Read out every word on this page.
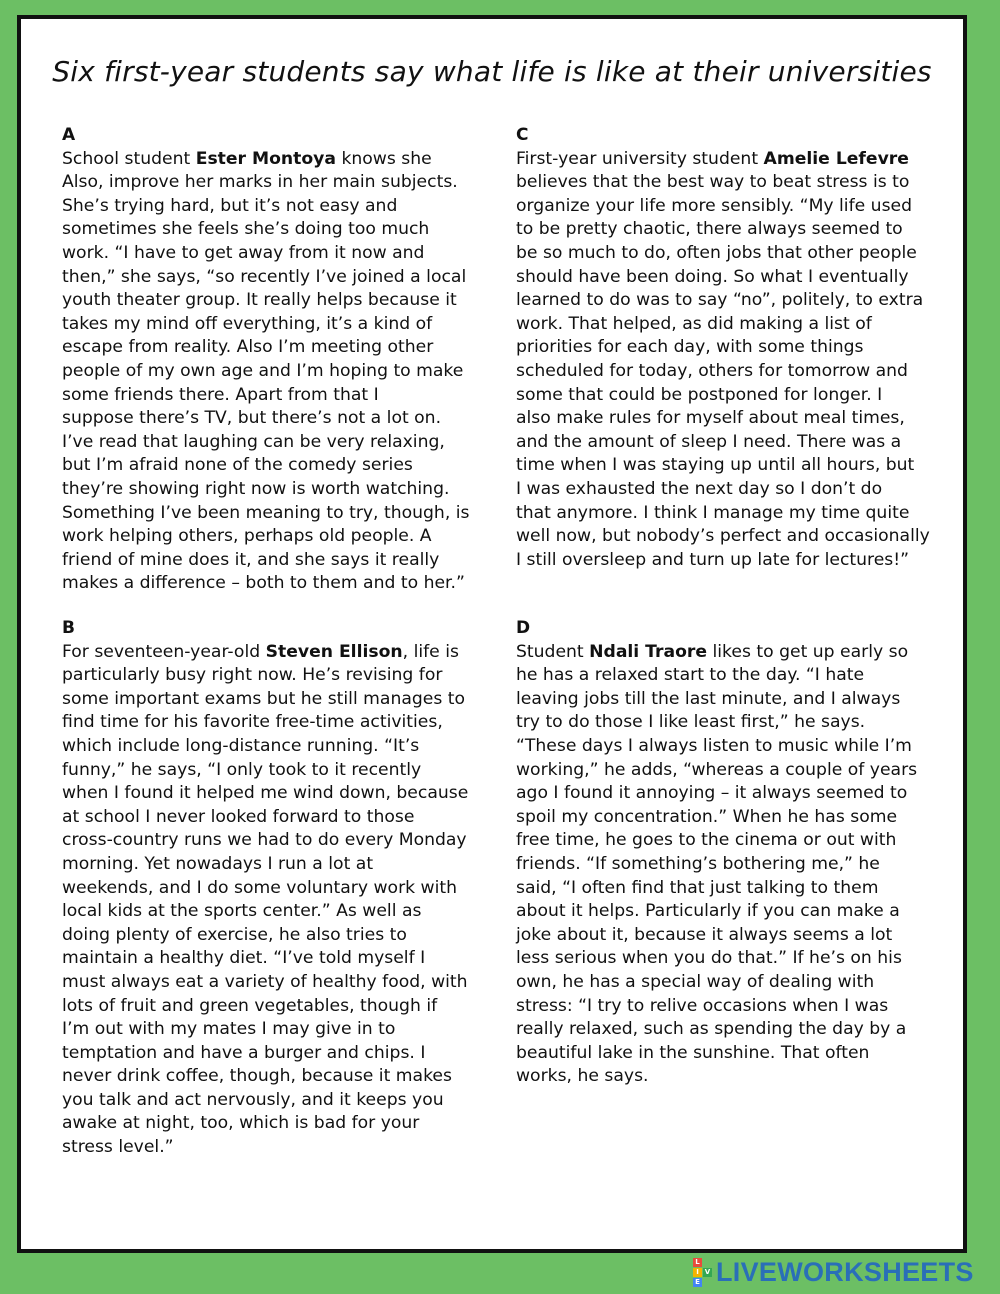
Six first-year students say what life is like at their universities

A

School student Ester Montoya knows she
Also, improve her marks in her main subjects.
She’s trying hard, but it’s not easy and
sometimes she feels she’s doing too much
work. “I have to get away from it now and
then,” she says, “so recently I’ve joined a local
youth theater group. It really helps because it
takes my mind off everything, it’s a kind of
escape from reality. Also I’m meeting other
people of my own age and I’m hoping to make
some friends there. Apart from that I
suppose there’s TV, but there’s not a lot on.
I’ve read that laughing can be very relaxing,
but I’m afraid none of the comedy series
they’re showing right now is worth watching.
Something I’ve been meaning to try, though, is
work helping others, perhaps old people. A
friend of mine does it, and she says it really
makes a difference – both to them and to her.”

B

For seventeen-year-old Steven Ellison, life is
particularly busy right now. He’s revising for
some important exams but he still manages to
find time for his favorite free-time activities,
which include long-distance running. “It’s
funny,” he says, “I only took to it recently
when I found it helped me wind down, because
at school I never looked forward to those
cross-country runs we had to do every Monday
morning. Yet nowadays I run a lot at
weekends, and I do some voluntary work with
local kids at the sports center.” As well as
doing plenty of exercise, he also tries to
maintain a healthy diet. “I’ve told myself I
must always eat a variety of healthy food, with
lots of fruit and green vegetables, though if
I’m out with my mates I may give in to
temptation and have a burger and chips. I
never drink coffee, though, because it makes
you talk and act nervously, and it keeps you
awake at night, too, which is bad for your
stress level.”

C

First-year university student Amelie Lefevre
believes that the best way to beat stress is to
organize your life more sensibly. “My life used
to be pretty chaotic, there always seemed to
be so much to do, often jobs that other people
should have been doing. So what I eventually
learned to do was to say “no”, politely, to extra
work. That helped, as did making a list of
priorities for each day, with some things
scheduled for today, others for tomorrow and
some that could be postponed for longer. I
also make rules for myself about meal times,
and the amount of sleep I need. There was a
time when I was staying up until all hours, but
I was exhausted the next day so I don’t do
that anymore. I think I manage my time quite
well now, but nobody’s perfect and occasionally
I still oversleep and turn up late for lectures!”

D

Student Ndali Traore likes to get up early so
he has a relaxed start to the day. “I hate
leaving jobs till the last minute, and I always
try to do those I like least first,” he says.
“These days I always listen to music while I’m
working,” he adds, “whereas a couple of years
ago I found it annoying – it always seemed to
spoil my concentration.” When he has some
free time, he goes to the cinema or out with
friends. “If something’s bothering me,” he
said, “I often find that just talking to them
about it helps. Particularly if you can make a
joke about it, because it always seems a lot
less serious when you do that.” If he’s on his
own, he has a special way of dealing with
stress: “I try to relive occasions when I was
really relaxed, such as spending the day by a
beautiful lake in the sunshine. That often
works, he says.
L
I V
E LIVEWORKSHEETS
